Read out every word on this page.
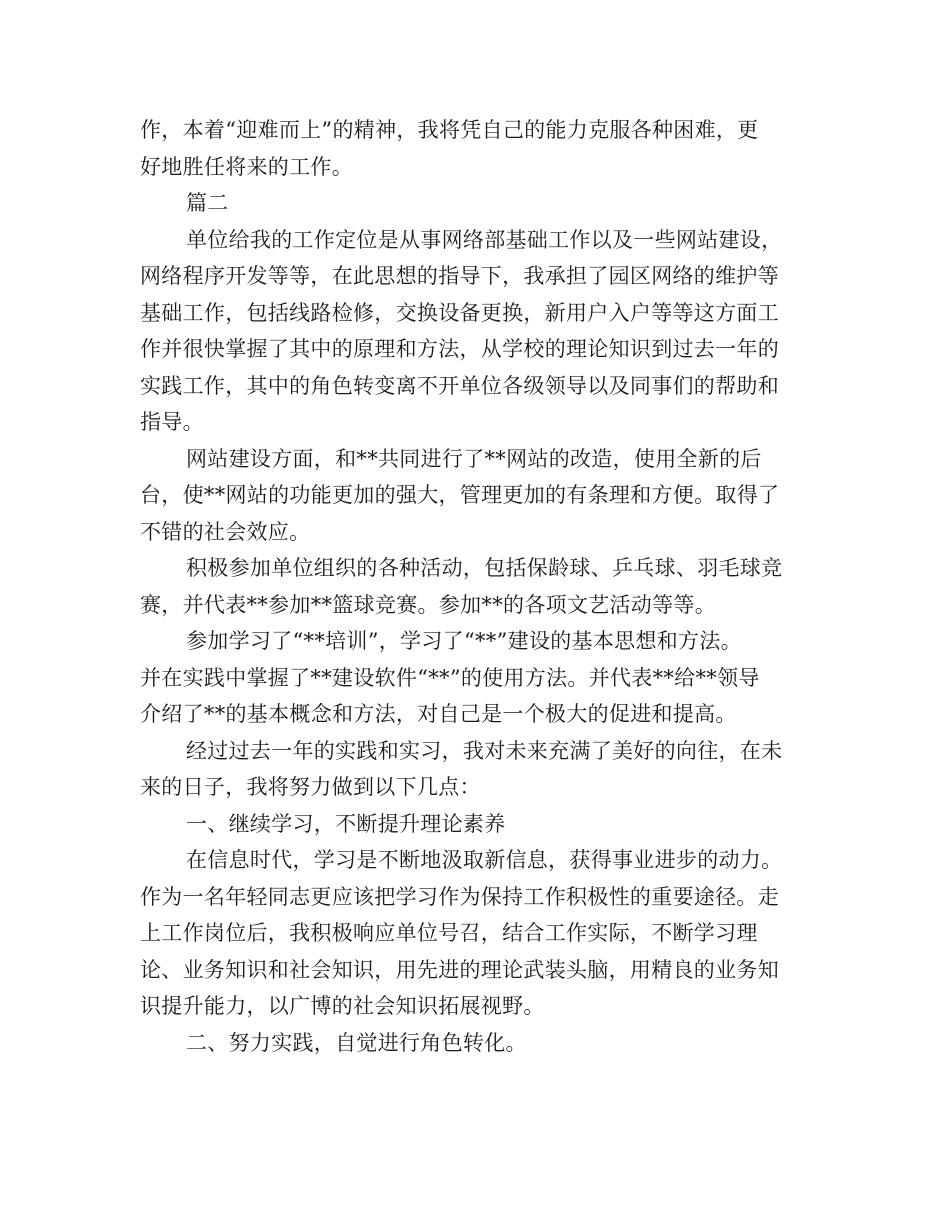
作，本着“迎难而上”的精神，我将凭自己的能力克服各种困难，更
好地胜任将来的工作。
篇二
单位给我的工作定位是从事网络部基础工作以及一些网站建设，
网络程序开发等等，在此思想的指导下，我承担了园区网络的维护等
基础工作，包括线路检修，交换设备更换，新用户入户等等这方面工
作并很快掌握了其中的原理和方法，从学校的理论知识到过去一年的
实践工作，其中的角色转变离不开单位各级领导以及同事们的帮助和
指导。
网站建设方面，和**共同进行了**网站的改造，使用全新的后
台，使**网站的功能更加的强大，管理更加的有条理和方便。取得了
不错的社会效应。
积极参加单位组织的各种活动，包括保龄球、乒乓球、羽毛球竞
赛，并代表**参加**篮球竞赛。参加**的各项文艺活动等等。
参加学习了“**培训”，学习了“**”建设的基本思想和方法。
并在实践中掌握了**建设软件“**”的使用方法。并代表**给**领导
介绍了**的基本概念和方法，对自己是一个极大的促进和提高。
经过过去一年的实践和实习，我对未来充满了美好的向往，在未
来的日子，我将努力做到以下几点：
一、继续学习，不断提升理论素养
在信息时代，学习是不断地汲取新信息，获得事业进步的动力。
作为一名年轻同志更应该把学习作为保持工作积极性的重要途径。走
上工作岗位后，我积极响应单位号召，结合工作实际，不断学习理
论、业务知识和社会知识，用先进的理论武装头脑，用精良的业务知
识提升能力，以广博的社会知识拓展视野。
二、努力实践，自觉进行角色转化。
